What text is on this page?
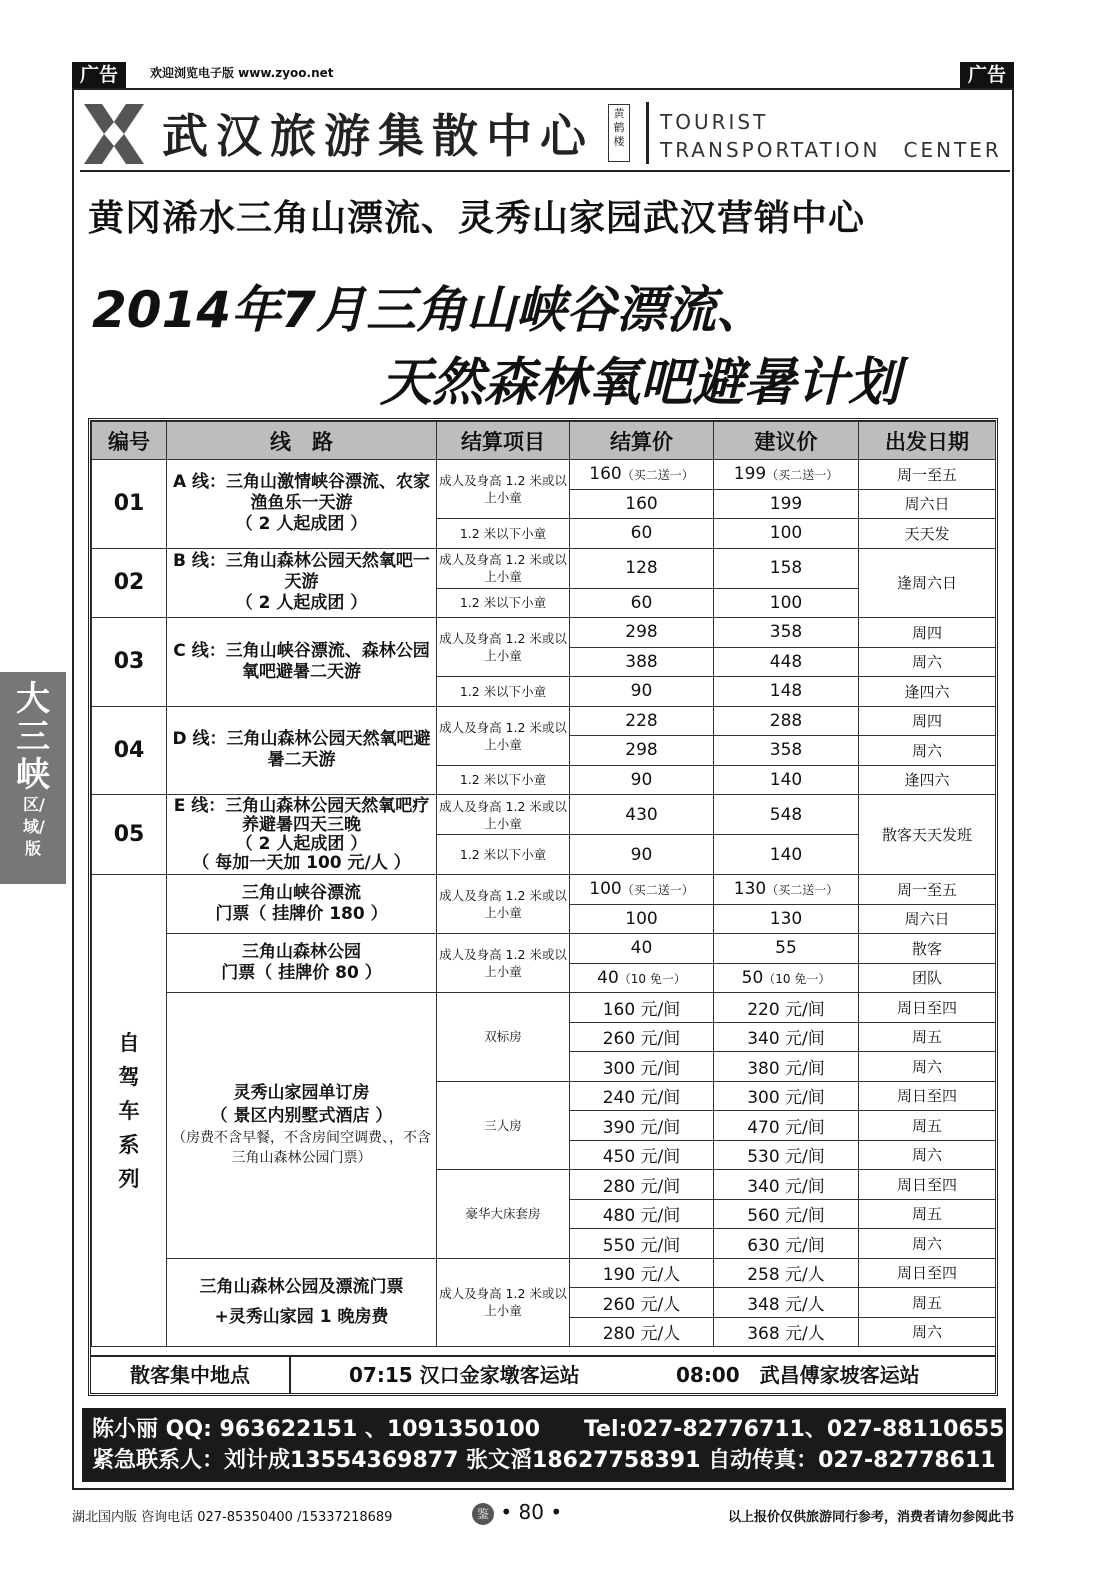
广告	欢迎浏览电子版 www.zyoo.net	广告
武汉旅游集散中心	黄鹤楼
TOURIST
TRANSPORTATION　CENTER
黄冈浠水三角山漂流、灵秀山家园武汉营销中心
2014年7月三角山峡谷漂流、
天然森林氧吧避暑计划
编号	线　路	结算项目	结算价	建议价	出发日期
01	A 线：三角山激情峡谷漂流、农家渔鱼乐一天游
（ 2 人起成团 ）	成人及身高 1.2 米或以上小童	160（买二送一）	199（买二送一）	周一至五
			160	199	周六日
		1.2 米以下小童	60	100	天天发
02	B 线：三角山森林公园天然氧吧一天游
（ 2 人起成团 ）	成人及身高 1.2 米或以上小童	128	158	逢周六日
		1.2 米以下小童	60	100	
03	C 线：三角山峡谷漂流、森林公园氧吧避暑二天游	成人及身高 1.2 米或以上小童	298	358	周四
			388	448	周六
		1.2 米以下小童	90	148	逢四六
04	D 线：三角山森林公园天然氧吧避暑二天游	成人及身高 1.2 米或以上小童	228	288	周四
			298	358	周六
		1.2 米以下小童	90	140	逢四六
05	E 线：三角山森林公园天然氧吧疗养避暑四天三晚
（ 2 人起成团 ）
（ 每加一天加 100 元/人 ）	成人及身高 1.2 米或以上小童	430	548	散客天天发班
		1.2 米以下小童	90	140	

自驾车系列	三角山峡谷漂流
门票（ 挂牌价 180 ）	成人及身高 1.2 米或以上小童	100（买二送一）	130（买二送一）	周一至五
			100	130	周六日

	三角山森林公园
门票（ 挂牌价 80 ）	成人及身高 1.2 米或以上小童	40	55	散客
			40（10 免一）	50（10 免一）	团队

	灵秀山家园单订房
（ 景区内别墅式酒店 ）
（房费不含早餐，不含房间空调费、，不含三角山森林公园门票）	双标房	160 元/间	220 元/间	周日至四
			260 元/间	340 元/间	周五
			300 元/间	380 元/间	周六
		三人房	240 元/间	300 元/间	周日至四
			390 元/间	470 元/间	周五
			450 元/间	530 元/间	周六
		豪华大床套房	280 元/间	340 元/间	周日至四
			480 元/间	560 元/间	周五
			550 元/间	630 元/间	周六

	三角山森林公园及漂流门票
+灵秀山家园 1 晚房费	成人及身高 1.2 米或以上小童	190 元/人	258 元/人	周日至四
			260 元/人	348 元/人	周五
			280 元/人	368 元/人	周六
散客集中地点	07:15 汉口金家墩客运站	08:00　武昌傅家坡客运站
陈小丽 QQ: 963622151 、1091350100　　Tel:027-82776711、027-88110655
紧急联系人：刘计成13554369877 张文滔18627758391 自动传真：027-82778611
大三峡
区/域/版
湖北国内版 咨询电话 027-85350400 /15337218689	鉴 • 80 •	以上报价仅供旅游同行参考，消费者请勿参阅此书
